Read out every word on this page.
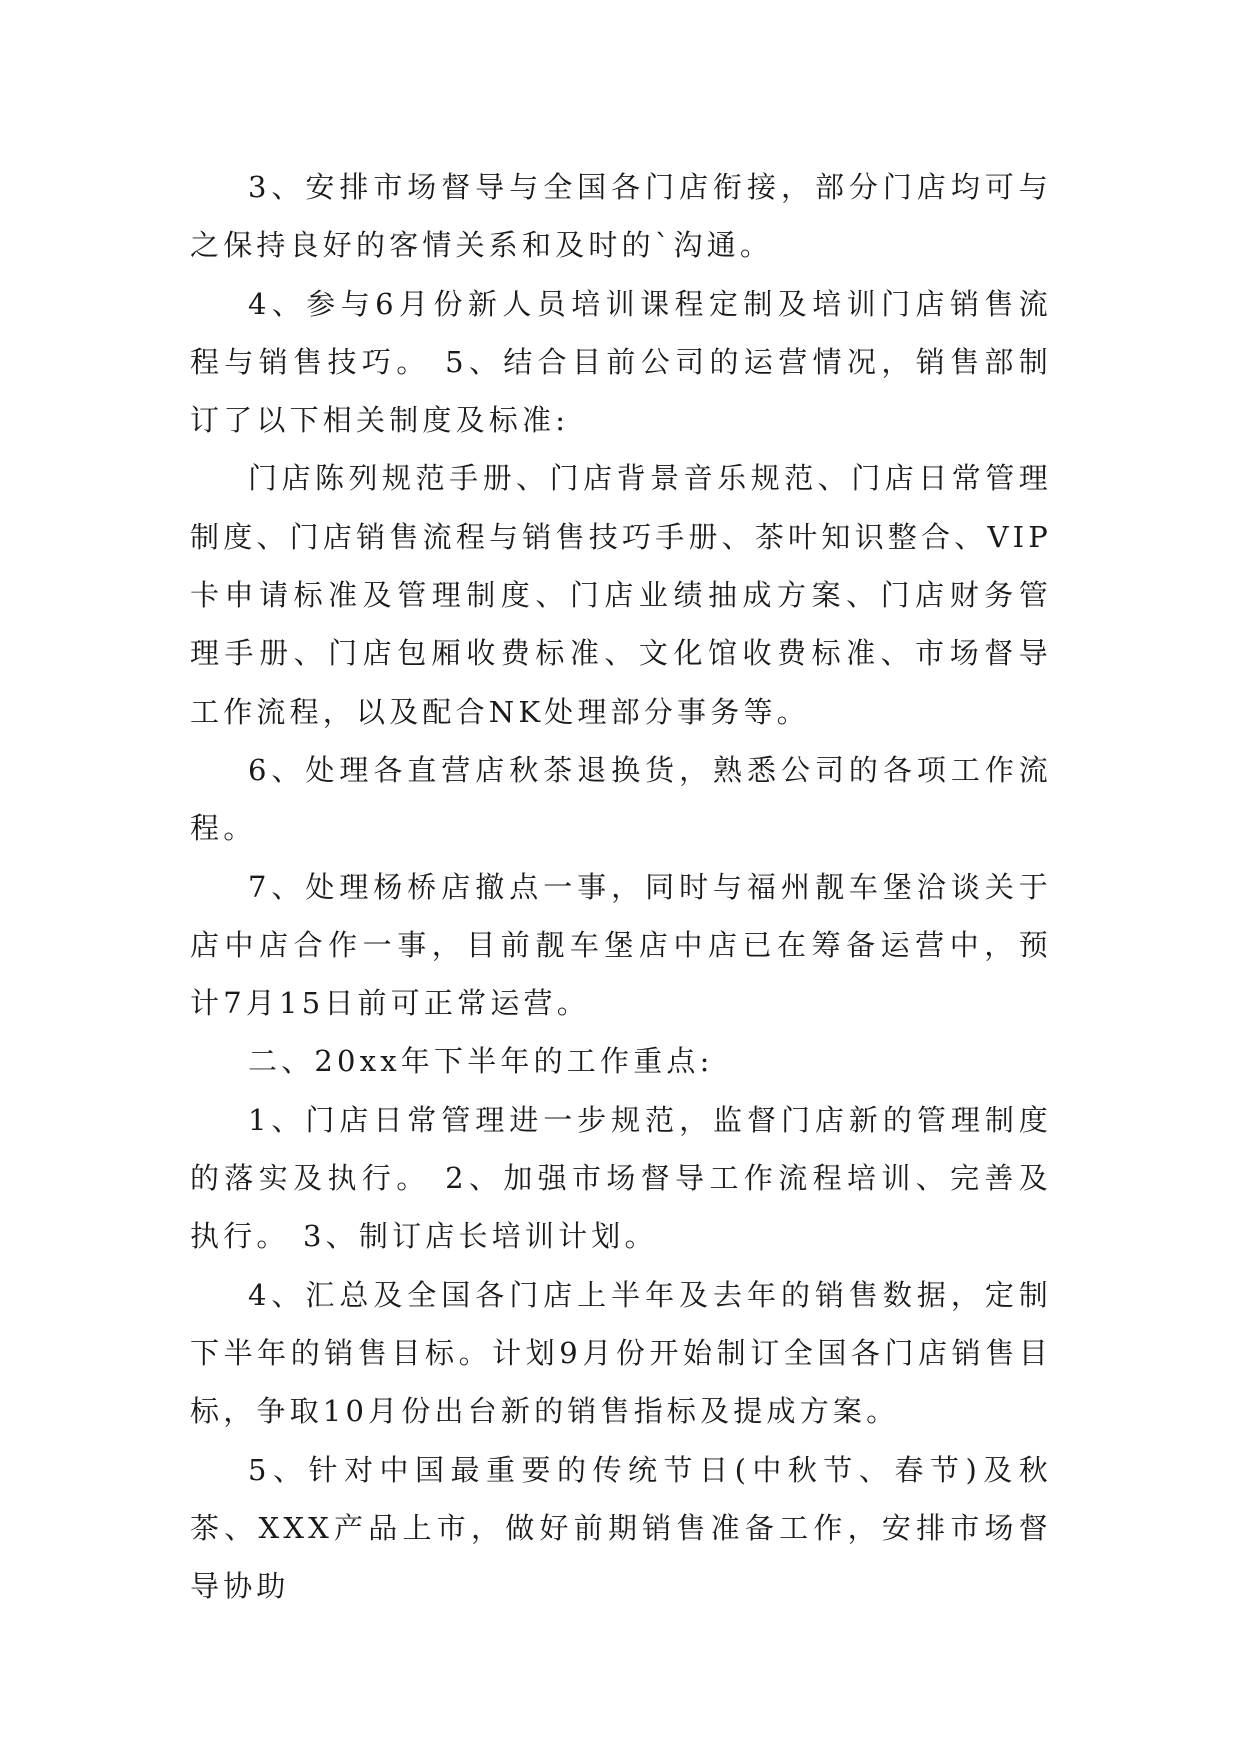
3、安排市场督导与全国各门店衔接，部分门店均可与之保持良好的客情关系和及时的`沟通。

4、参与6月份新人员培训课程定制及培训门店销售流程与销售技巧。 5、结合目前公司的运营情况，销售部制订了以下相关制度及标准:

门店陈列规范手册、门店背景音乐规范、门店日常管理制度、门店销售流程与销售技巧手册、茶叶知识整合、VIP卡申请标准及管理制度、门店业绩抽成方案、门店财务管理手册、门店包厢收费标准、文化馆收费标准、市场督导工作流程，以及配合NK处理部分事务等。

6、处理各直营店秋茶退换货，熟悉公司的各项工作流程。

7、处理杨桥店撤点一事，同时与福州靓车堡洽谈关于店中店合作一事，目前靓车堡店中店已在筹备运营中，预计7月15日前可正常运营。

二、20xx年下半年的工作重点:

1、门店日常管理进一步规范，监督门店新的管理制度的落实及执行。 2、加强市场督导工作流程培训、完善及执行。 3、制订店长培训计划。

4、汇总及全国各门店上半年及去年的销售数据，定制下半年的销售目标。计划9月份开始制订全国各门店销售目标，争取10月份出台新的销售指标及提成方案。

5、针对中国最重要的传统节日(中秋节、春节)及秋茶、XXX产品上市，做好前期销售准备工作，安排市场督导协助
